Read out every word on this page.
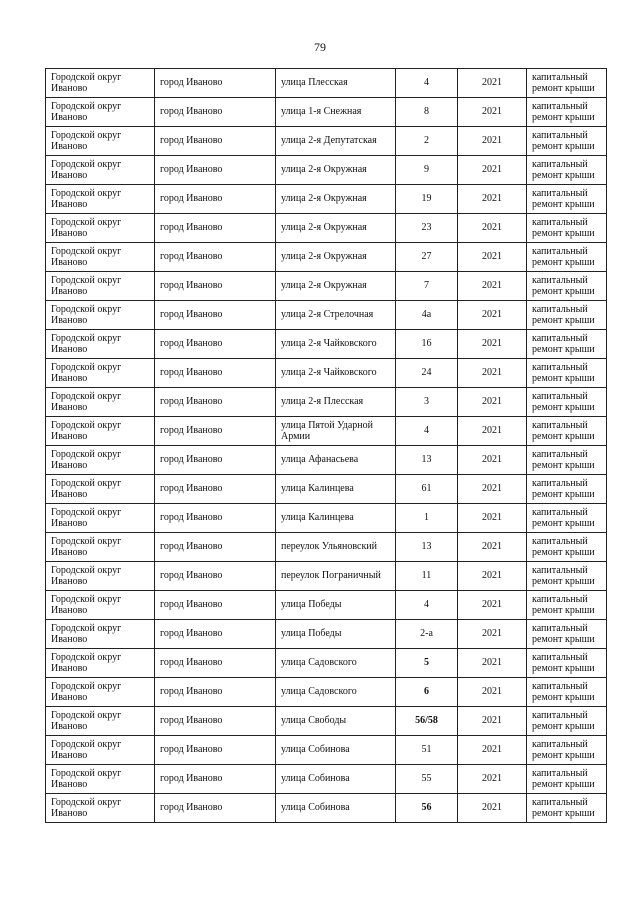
79
Городской округ Иваново	город Иваново	улица Плесская	4	2021	капитальный ремонт крыши
Городской округ Иваново	город Иваново	улица 1-я Снежная	8	2021	капитальный ремонт крыши
Городской округ Иваново	город Иваново	улица 2-я Депутатская	2	2021	капитальный ремонт крыши
Городской округ Иваново	город Иваново	улица 2-я Окружная	9	2021	капитальный ремонт крыши
Городской округ Иваново	город Иваново	улица 2-я Окружная	19	2021	капитальный ремонт крыши
Городской округ Иваново	город Иваново	улица 2-я Окружная	23	2021	капитальный ремонт крыши
Городской округ Иваново	город Иваново	улица 2-я Окружная	27	2021	капитальный ремонт крыши
Городской округ Иваново	город Иваново	улица 2-я Окружная	7	2021	капитальный ремонт крыши
Городской округ Иваново	город Иваново	улица 2-я Стрелочная	4а	2021	капитальный ремонт крыши
Городской округ Иваново	город Иваново	улица 2-я Чайковского	16	2021	капитальный ремонт крыши
Городской округ Иваново	город Иваново	улица 2-я Чайковского	24	2021	капитальный ремонт крыши
Городской округ Иваново	город Иваново	улица 2-я Плесская	3	2021	капитальный ремонт крыши
Городской округ Иваново	город Иваново	улица Пятой Ударной Армии	4	2021	капитальный ремонт крыши
Городской округ Иваново	город Иваново	улица Афанасьева	13	2021	капитальный ремонт крыши
Городской округ Иваново	город Иваново	улица Калинцева	61	2021	капитальный ремонт крыши
Городской округ Иваново	город Иваново	улица Калинцева	1	2021	капитальный ремонт крыши
Городской округ Иваново	город Иваново	переулок Ульяновский	13	2021	капитальный ремонт крыши
Городской округ Иваново	город Иваново	переулок Пограничный	11	2021	капитальный ремонт крыши
Городской округ Иваново	город Иваново	улица Победы	4	2021	капитальный ремонт крыши
Городской округ Иваново	город Иваново	улица Победы	2-а	2021	капитальный ремонт крыши
Городской округ Иваново	город Иваново	улица Садовского	5	2021	капитальный ремонт крыши
Городской округ Иваново	город Иваново	улица Садовского	6	2021	капитальный ремонт крыши
Городской округ Иваново	город Иваново	улица Свободы	56/58	2021	капитальный ремонт крыши
Городской округ Иваново	город Иваново	улица Собинова	51	2021	капитальный ремонт крыши
Городской округ Иваново	город Иваново	улица Собинова	55	2021	капитальный ремонт крыши
Городской округ Иваново	город Иваново	улица Собинова	56	2021	капитальный ремонт крыши
